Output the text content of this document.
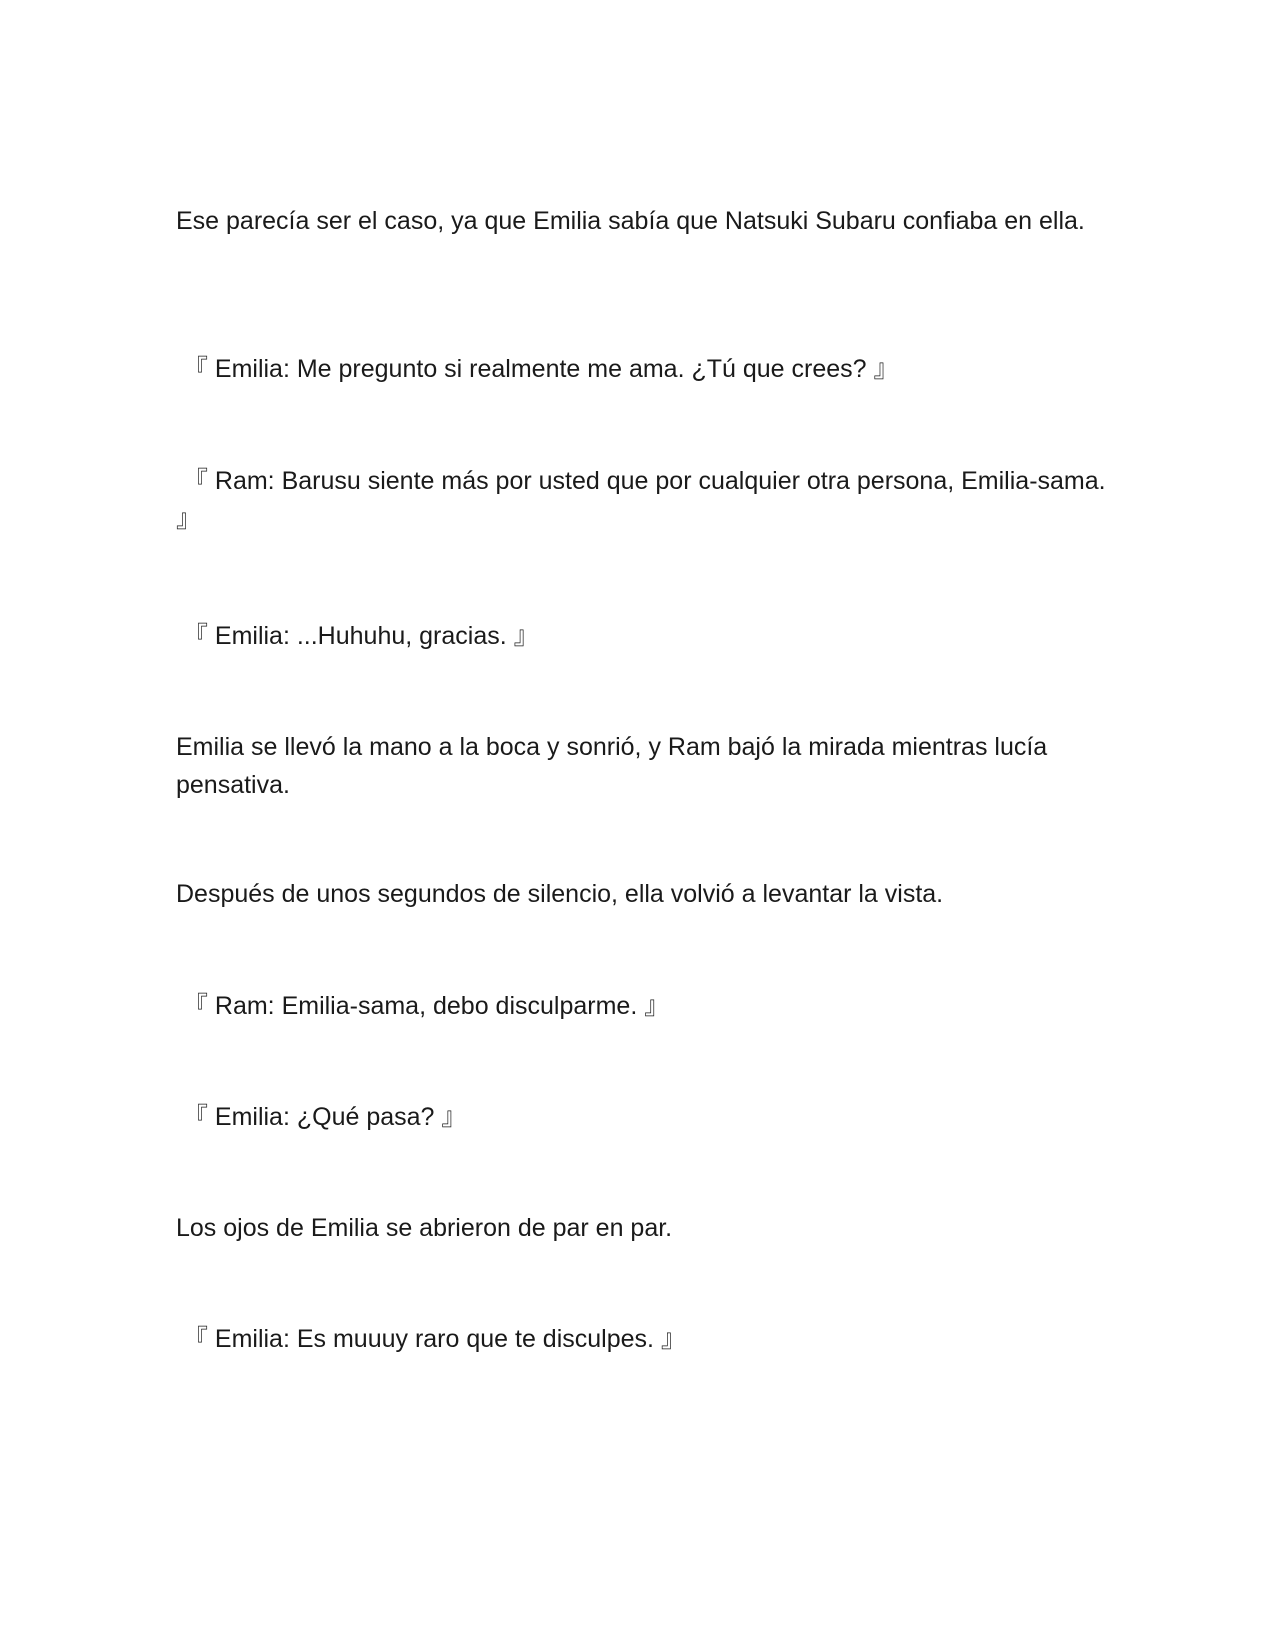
Ese parecía ser el caso, ya que Emilia sabía que Natsuki Subaru confiaba en ella.

『 Emilia: Me pregunto si realmente me ama. ¿Tú que crees? 』

『 Ram: Barusu siente más por usted que por cualquier otra persona, Emilia-sama. 』

『 Emilia: ...Huhuhu, gracias. 』

Emilia se llevó la mano a la boca y sonrió, y Ram bajó la mirada mientras lucía pensativa.

Después de unos segundos de silencio, ella volvió a levantar la vista.

『 Ram: Emilia-sama, debo disculparme. 』

『 Emilia: ¿Qué pasa? 』

Los ojos de Emilia se abrieron de par en par.

『 Emilia: Es muuuy raro que te disculpes. 』
